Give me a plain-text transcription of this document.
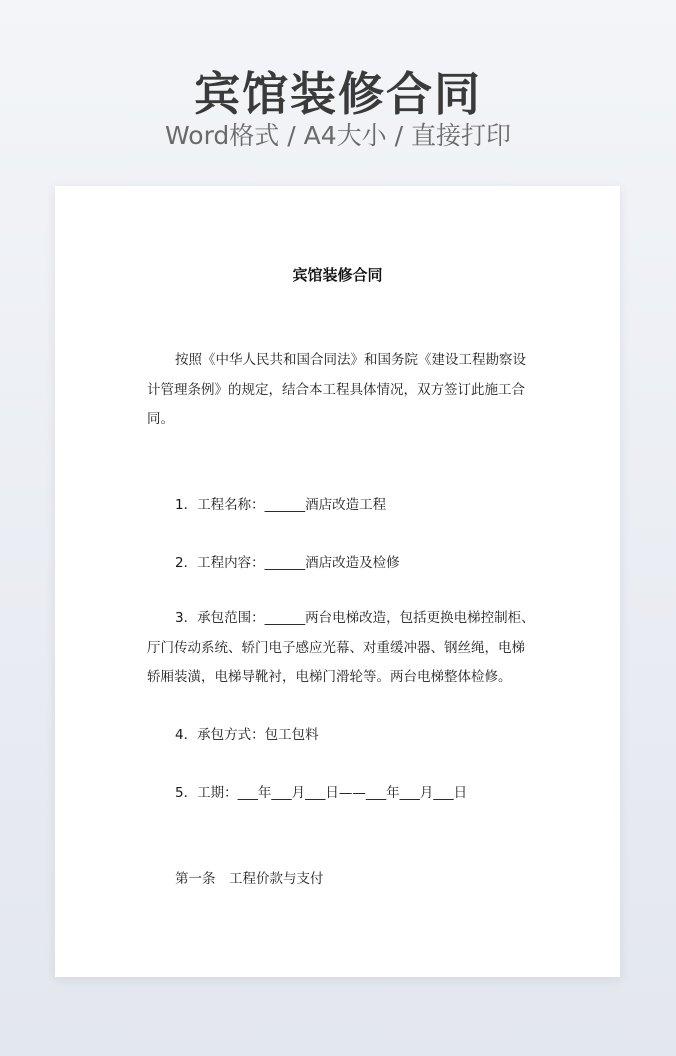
宾馆装修合同
Word格式 / A4大小 / 直接打印
宾馆装修合同
按照《中华人民共和国合同法》和国务院《建设工程勘察设计管理条例》的规定，结合本工程具体情况，双方签订此施工合同。
1．工程名称：______酒店改造工程
2．工程内容：______酒店改造及检修
3．承包范围：______两台电梯改造，包括更换电梯控制柜、厅门传动系统、轿门电子感应光幕、对重缓冲器、钢丝绳，电梯轿厢装潢，电梯导靴衬，电梯门滑轮等。两台电梯整体检修。
4．承包方式：包工包料
5．工期：___年___月___日——___年___月___日
第一条　工程价款与支付
